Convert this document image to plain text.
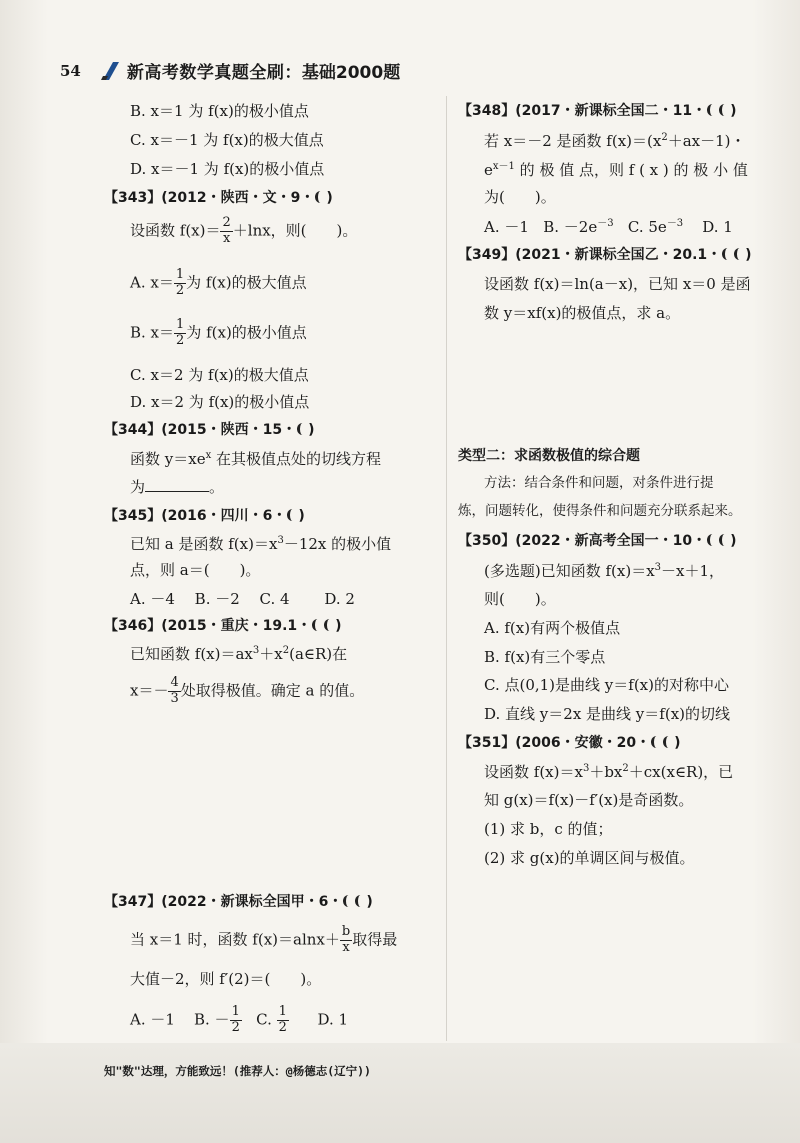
54	新高考数学真题全刷： 基础2000题
B. x＝1 为 f(x)的极小值点
C. x＝－1 为 f(x)的极大值点
D. x＝－1 为 f(x)的极小值点
【343】(2012・陕西・文・9・ )
设函数 $f(x)= \frac{2}{x} +\ln x$，则(　　)。
A. $x= \frac{1}{2}$ 为 f(x)的极大值点
B. $x= \frac{1}{2}$ 为 f(x)的极小值点
C. x＝2 为 f(x)的极大值点
D. x＝2 为 f(x)的极小值点
【344】(2015・陕西・15・ )
函数 $y=xe^x$ 在其极值点处的切线方程
为	。
【345】(2016・四川・6・ )
已知 a 是函数 $f(x)=x^3-12x$ 的极小值
点，则 a＝(　　)。
A. －4　 B. －2　 C. 4　　 D. 2
【346】(2015・重庆・19.1・ )
已知函数 $f(x)=ax^3+x^2(a\in R)$在
$x=- \frac{4}{3}$ 处取得极值。确定 a 的值。
【347】(2022・新课标全国甲・6・ )
当 x＝1 时，函数 $f(x)=alnx+ \frac{b}{x}$ 取得最
大值－2，则 f′(2)＝(　　)。
A. －1 B. － $\frac{1}{2} C$. $\frac{1}{2} D$. 1
【348】(2017・新课标全国二・11・ )
若 x＝－2 是函数 $f(x)=(x^2+ax-1)$・
$e^{x-1}$ 的 极 值 点，则 f ( x ) 的 极 小 值
为(　　)。
A. －1 B. $-2e^{-3}$ C. $5e^{-3}$ D. 1
【349】(2021・新课标全国乙・20.1・ )
设函数 f(x)＝ln(a－x)，已知 x＝0 是函
数 y＝xf(x)的极值点，求 a。
类型二：求函数极值的综合题
方法：结合条件和问题，对条件进行提
炼，问题转化，使得条件和问题充分联系起来。
【350】(2022・新高考全国一・10・ )
(多选题)已知函数 $f(x)=x^3-x+1$，
则(　　)。
A. f(x)有两个极值点
B. f(x)有三个零点
C. 点(0,1)是曲线 y＝f(x)的对称中心
D. 直线 y＝2x 是曲线 y＝f(x)的切线
【351】(2006・安徽・20・ )
设函数 $f(x)=x^3+bx^2+cx(x\in R)$，已
知 g(x)＝f(x)－f′(x)是奇函数。
(1) 求 b，c 的值；
(2) 求 g(x)的单调区间与极值。
知"数"达理，方能致远！(推荐人：@杨德志(辽宁))
